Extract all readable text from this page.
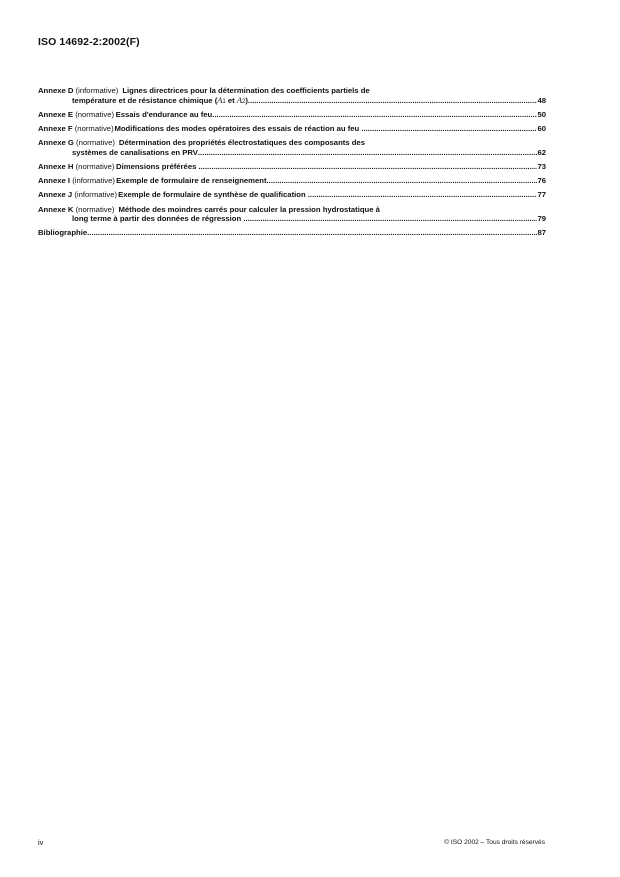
ISO 14692-2:2002(F)
Annexe D
(informative) Lignes directrices pour la détermination des coefficients partiels de
température et de résistance chimique ( A 1 et A 2 ) .....	48
Annexe E
(normative) Essais d'endurance au feu .....	50
Annexe F
(normative) Modifications des modes opératoires des essais de réaction au feu .....	60
Annexe G
(normative) Détermination des propriétés électrostatiques des composants des
systèmes de canalisations en PRV .....	62
Annexe H
(normative) Dimensions préférées .....	73
Annexe I
(informative) Exemple de formulaire de renseignement .....	76
Annexe J
(informative) Exemple de formulaire de synthèse de qualification .....	77
Annexe K
(normative) Méthode des moindres carrés pour calculer la pression hydrostatique à
long terme à partir des données de régression .....	79
Bibliographie .....	87
iv	© ISO 2002 – Tous droits réservés
